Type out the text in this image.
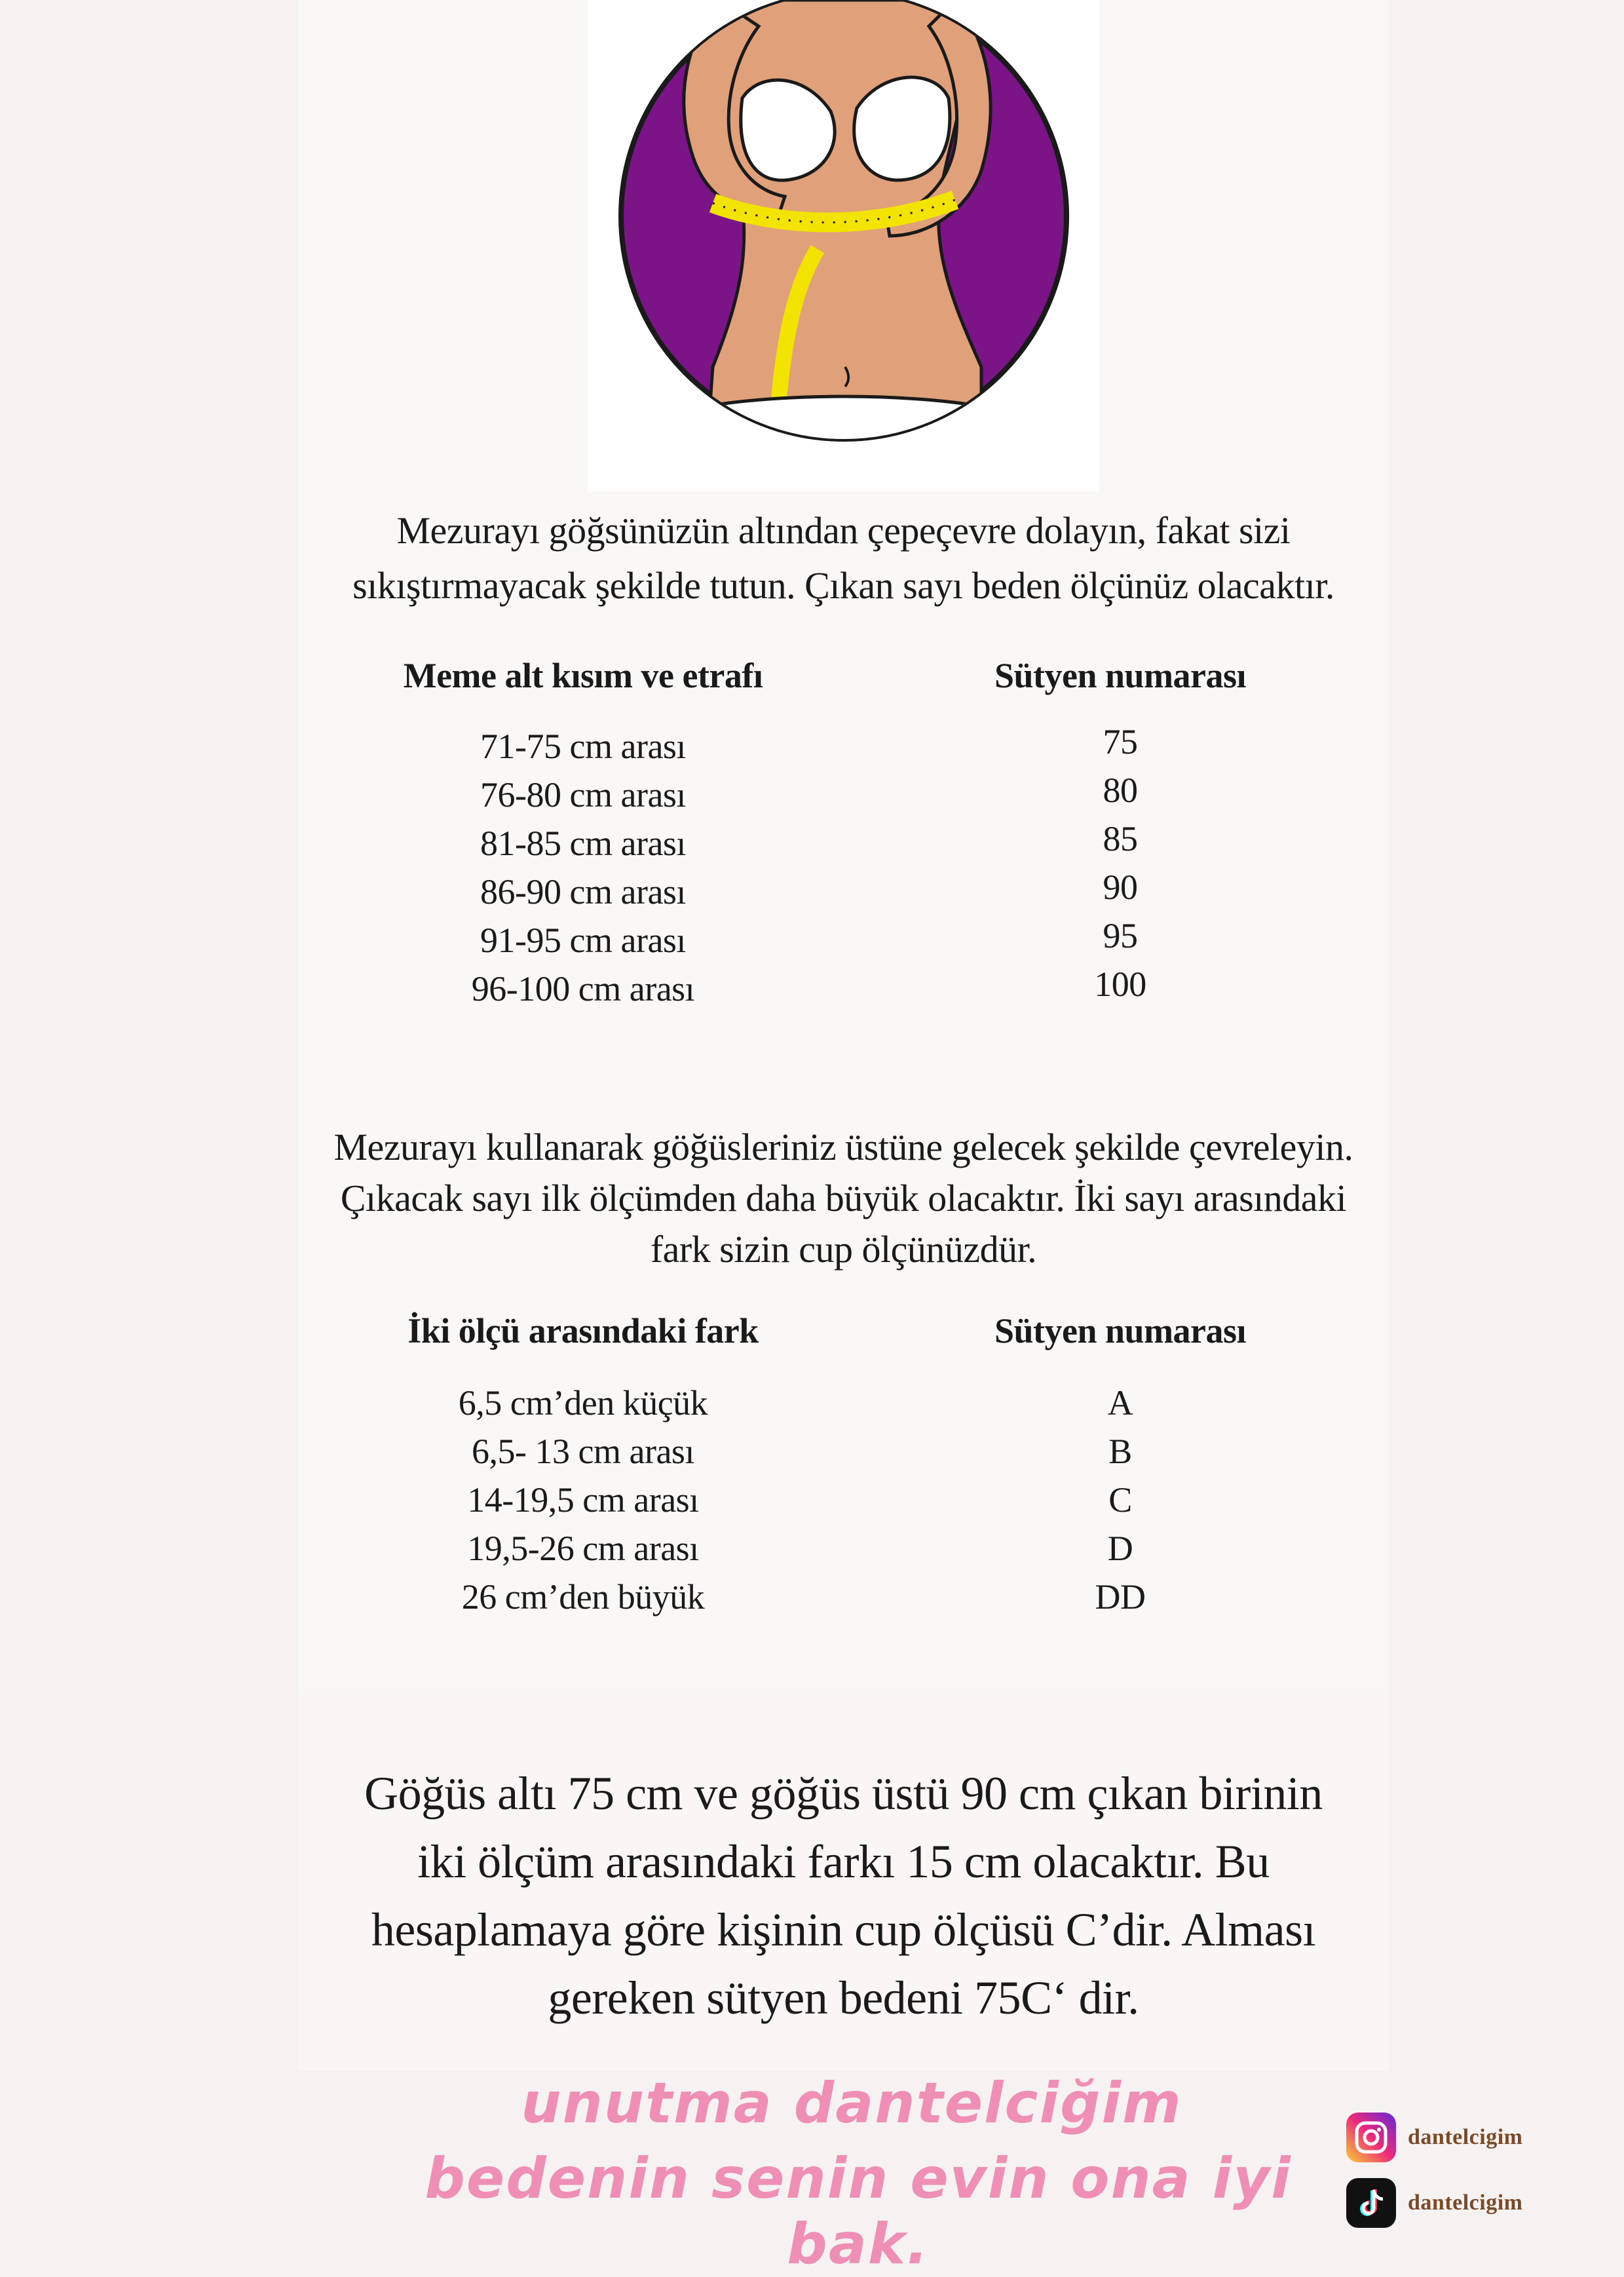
Mezurayı göğsünüzün altından çepeçevre dolayın, fakat sizi
sıkıştırmayacak şekilde tutun. Çıkan sayı beden ölçünüz olacaktır.
Meme alt kısım ve etrafı	Sütyen numarası
71-75 cm arası
76-80 cm arası
81-85 cm arası
86-90 cm arası
91-95 cm arası
96-100 cm arası
75
80
85
90
95
100
Mezurayı kullanarak göğüsleriniz üstüne gelecek şekilde çevreleyin.
Çıkacak sayı ilk ölçümden daha büyük olacaktır. İki sayı arasındaki
fark sizin cup ölçünüzdür.
İki ölçü arasındaki fark	Sütyen numarası
6,5 cm’den küçük
6,5- 13 cm arası
14-19,5 cm arası
19,5-26 cm arası
26 cm’den büyük
A
B
C
D
DD
Göğüs altı 75 cm ve göğüs üstü 90 cm çıkan birinin
iki ölçüm arasındaki farkı 15 cm olacaktır. Bu
hesaplamaya göre kişinin cup ölçüsü C’dir. Alması
gereken sütyen bedeni 75C‘ dir.
unutma dantelciğim
bedenin senin evin ona iyi bak.
dantelcigim
dantelcigim
